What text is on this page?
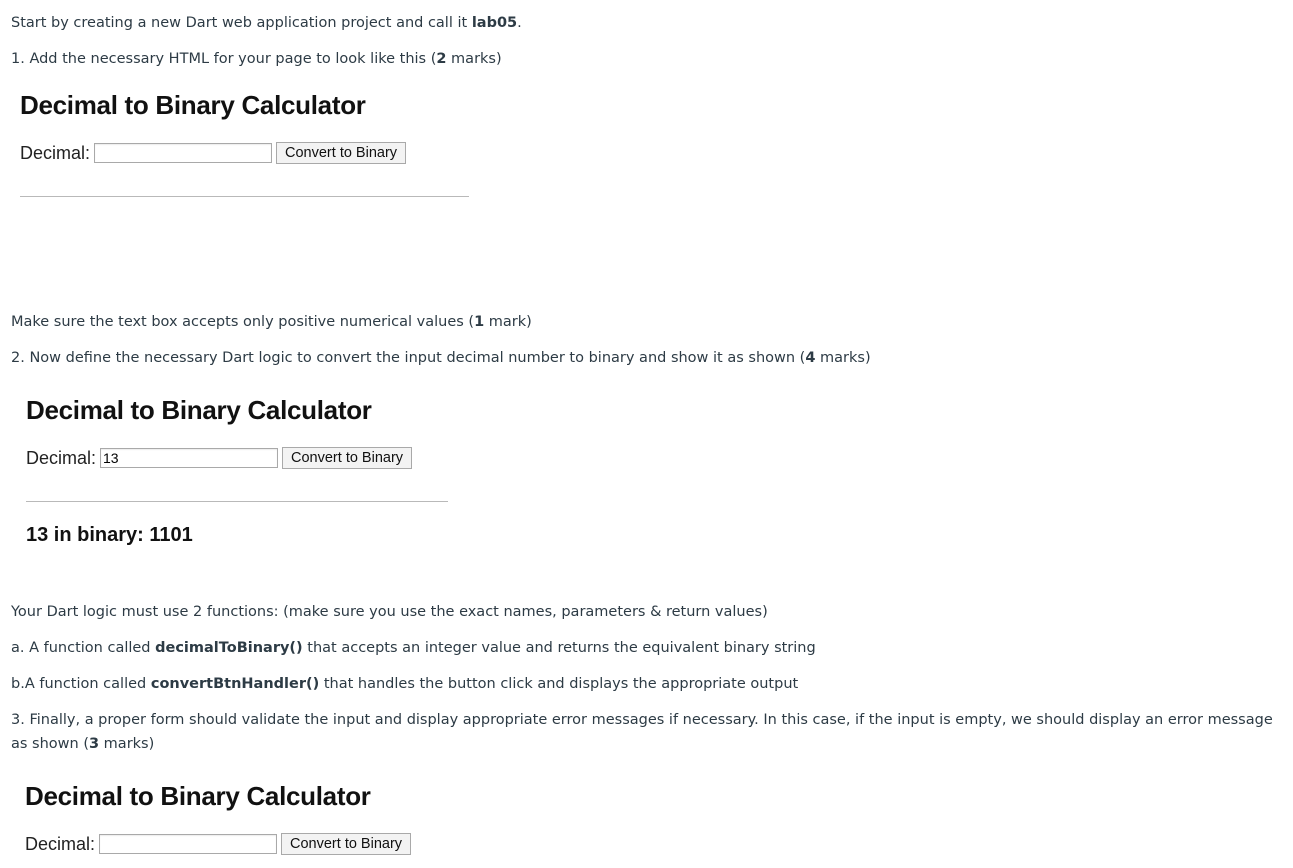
Start by creating a new Dart web application project and call it lab05.
1. Add the necessary HTML for your page to look like this (2 marks)
Decimal to Binary Calculator
Decimal:	Convert to Binary
Make sure the text box accepts only positive numerical values (1 mark)
2. Now define the necessary Dart logic to convert the input decimal number to binary and show it as shown (4 marks)
Decimal to Binary Calculator
Decimal: 13	Convert to Binary
13 in binary: 1101
Your Dart logic must use 2 functions: (make sure you use the exact names, parameters & return values)
a. A function called decimalToBinary() that accepts an integer value and returns the equivalent binary string
b.A function called convertBtnHandler() that handles the button click and displays the appropriate output
3. Finally, a proper form should validate the input and display appropriate error messages if necessary. In this case, if the input is empty, we should display an error message as shown (3 marks)
Decimal to Binary Calculator
Decimal:	Convert to Binary
